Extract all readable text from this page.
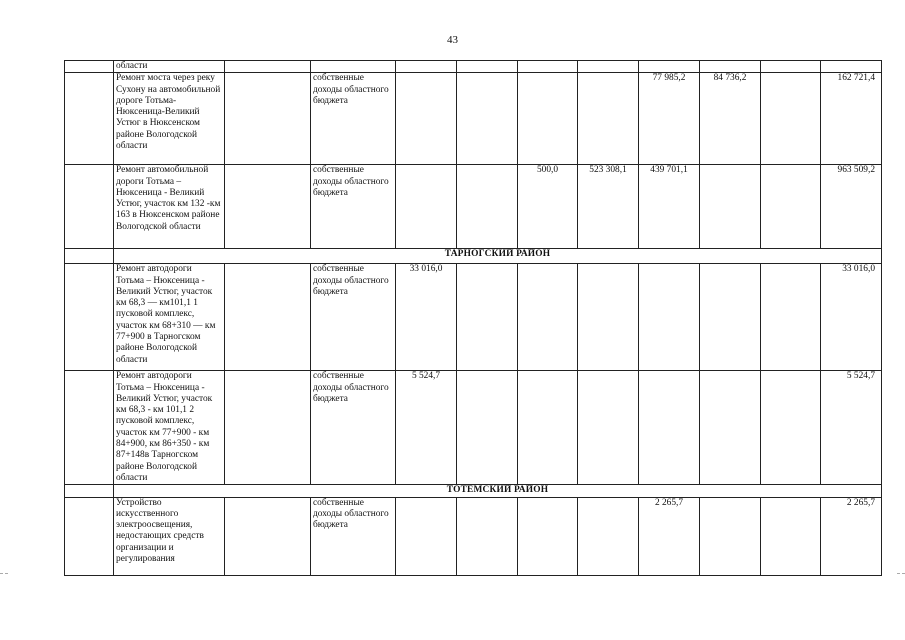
43
	области										
	Ремонт моста через реку Сухону на автомобильной дороге Тотьма-Нюксеница-Великий Устюг в Нюксенском районе Вологодской области		собственные доходы областного бюджета					77 985,2	84 736,2		162 721,4
	Ремонт автомобильной дороги Тотьма – Нюксеница - Великий Устюг, участок км 132 -км 163 в Нюксенском районе Вологодской области		собственные доходы областного бюджета			500,0	523 308,1	439 701,1			963 509,2
	ТАРНОГСКИЙ РАЙОН										
	Ремонт автодороги Тотьма – Нюксеница - Великий Устюг, участок км 68,3 — км101,1 1 пусковой комплекс, участок км 68+310 — км 77+900 в Тарногском районе Вологодской области		собственные доходы областного бюджета	33 016,0							33 016,0
	Ремонт автодороги Тотьма – Нюксеница - Великий Устюг, участок км 68,3 - км 101,1 2 пусковой комплекс, участок км 77+900 - км 84+900, км 86+350 - км 87+148в Тарногском районе Вологодской области		собственные доходы областного бюджета	5 524,7							5 524,7
	ТОТЕМСКИЙ РАЙОН										
	Устройство искусственного электроосвещения, недостающих средств организации и регулирования		собственные доходы областного бюджета					2 265,7			2 265,7
